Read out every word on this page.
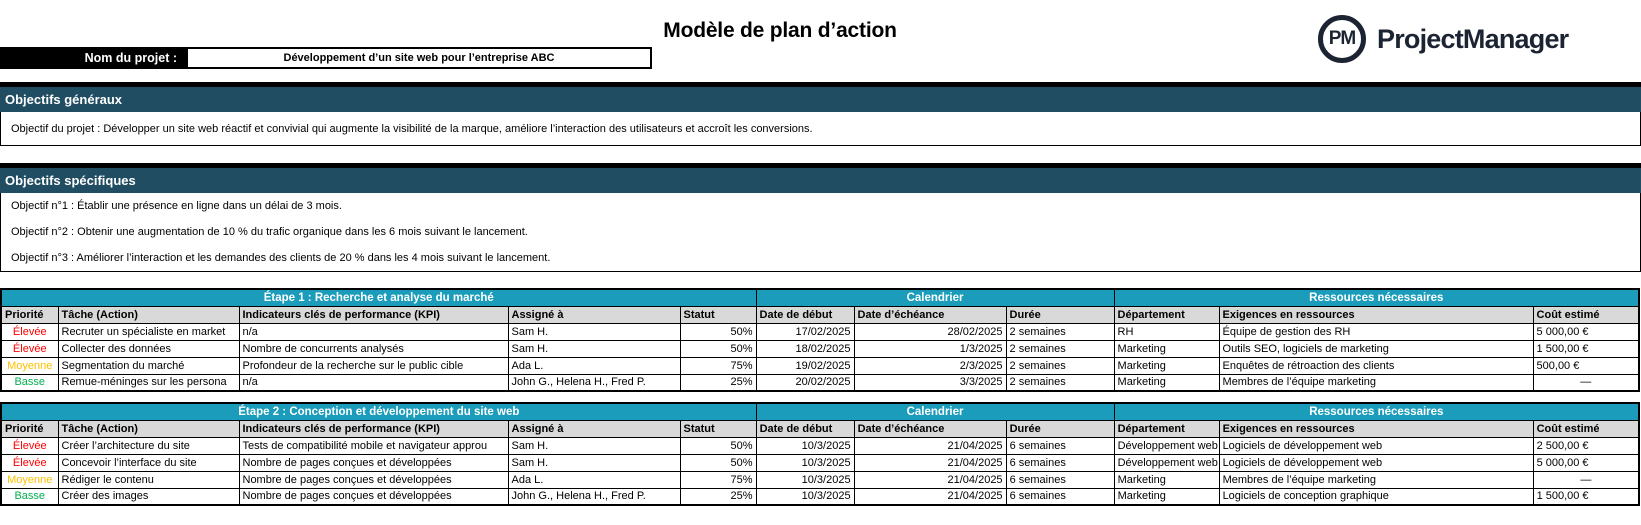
Modèle de plan d’action	PM ProjectManager
Nom du projet :	Développement d’un site web pour l’entreprise ABC
Objectifs généraux

Objectif du projet : Développer un site web réactif et convivial qui augmente la visibilité de la marque, améliore l’interaction des utilisateurs et accroît les conversions.

Objectifs spécifiques

Objectif n°1 : Établir une présence en ligne dans un délai de 3 mois.

Objectif n°2 : Obtenir une augmentation de 10 % du trafic organique dans les 6 mois suivant le lancement.

Objectif n°3 : Améliorer l’interaction et les demandes des clients de 20 % dans les 4 mois suivant le lancement.

Étape 1 : Recherche et analyse du marché					Calendrier			Ressources nécessaires		
Priorité	Tâche (Action)	Indicateurs clés de performance (KPI)	Assigné à	Statut	Date de début	Date d’échéance	Durée	Département	Exigences en ressources	Coût estimé
Élevée	Recruter un spécialiste en market	n/a	Sam H.	50%	17/02/2025	28/02/2025	2 semaines	RH	Équipe de gestion des RH	5 000,00 €
Élevée	Collecter des données	Nombre de concurrents analysés	Sam H.	50%	18/02/2025	1/3/2025	2 semaines	Marketing	Outils SEO, logiciels de marketing	1 500,00 €
Moyenne	Segmentation du marché	Profondeur de la recherche sur le public cible	Ada L.	75%	19/02/2025	2/3/2025	2 semaines	Marketing	Enquêtes de rétroaction des clients	500,00 €
Basse	Remue-méninges sur les persona	n/a	John G., Helena H., Fred P.	25%	20/02/2025	3/3/2025	2 semaines	Marketing	Membres de l’équipe marketing	—
Étape 2 : Conception et développement du site web					Calendrier			Ressources nécessaires		
Priorité	Tâche (Action)	Indicateurs clés de performance (KPI)	Assigné à	Statut	Date de début	Date d’échéance	Durée	Département	Exigences en ressources	Coût estimé
Élevée	Créer l’architecture du site	Tests de compatibilité mobile et navigateur approu	Sam H.	50%	10/3/2025	21/04/2025	6 semaines	Développement web	Logiciels de développement web	2 500,00 €
Élevée	Concevoir l’interface du site	Nombre de pages conçues et développées	Sam H.	50%	10/3/2025	21/04/2025	6 semaines	Développement web	Logiciels de développement web	5 000,00 €
Moyenne	Rédiger le contenu	Nombre de pages conçues et développées	Ada L.	75%	10/3/2025	21/04/2025	6 semaines	Marketing	Membres de l’équipe marketing	—
Basse	Créer des images	Nombre de pages conçues et développées	John G., Helena H., Fred P.	25%	10/3/2025	21/04/2025	6 semaines	Marketing	Logiciels de conception graphique	1 500,00 €
